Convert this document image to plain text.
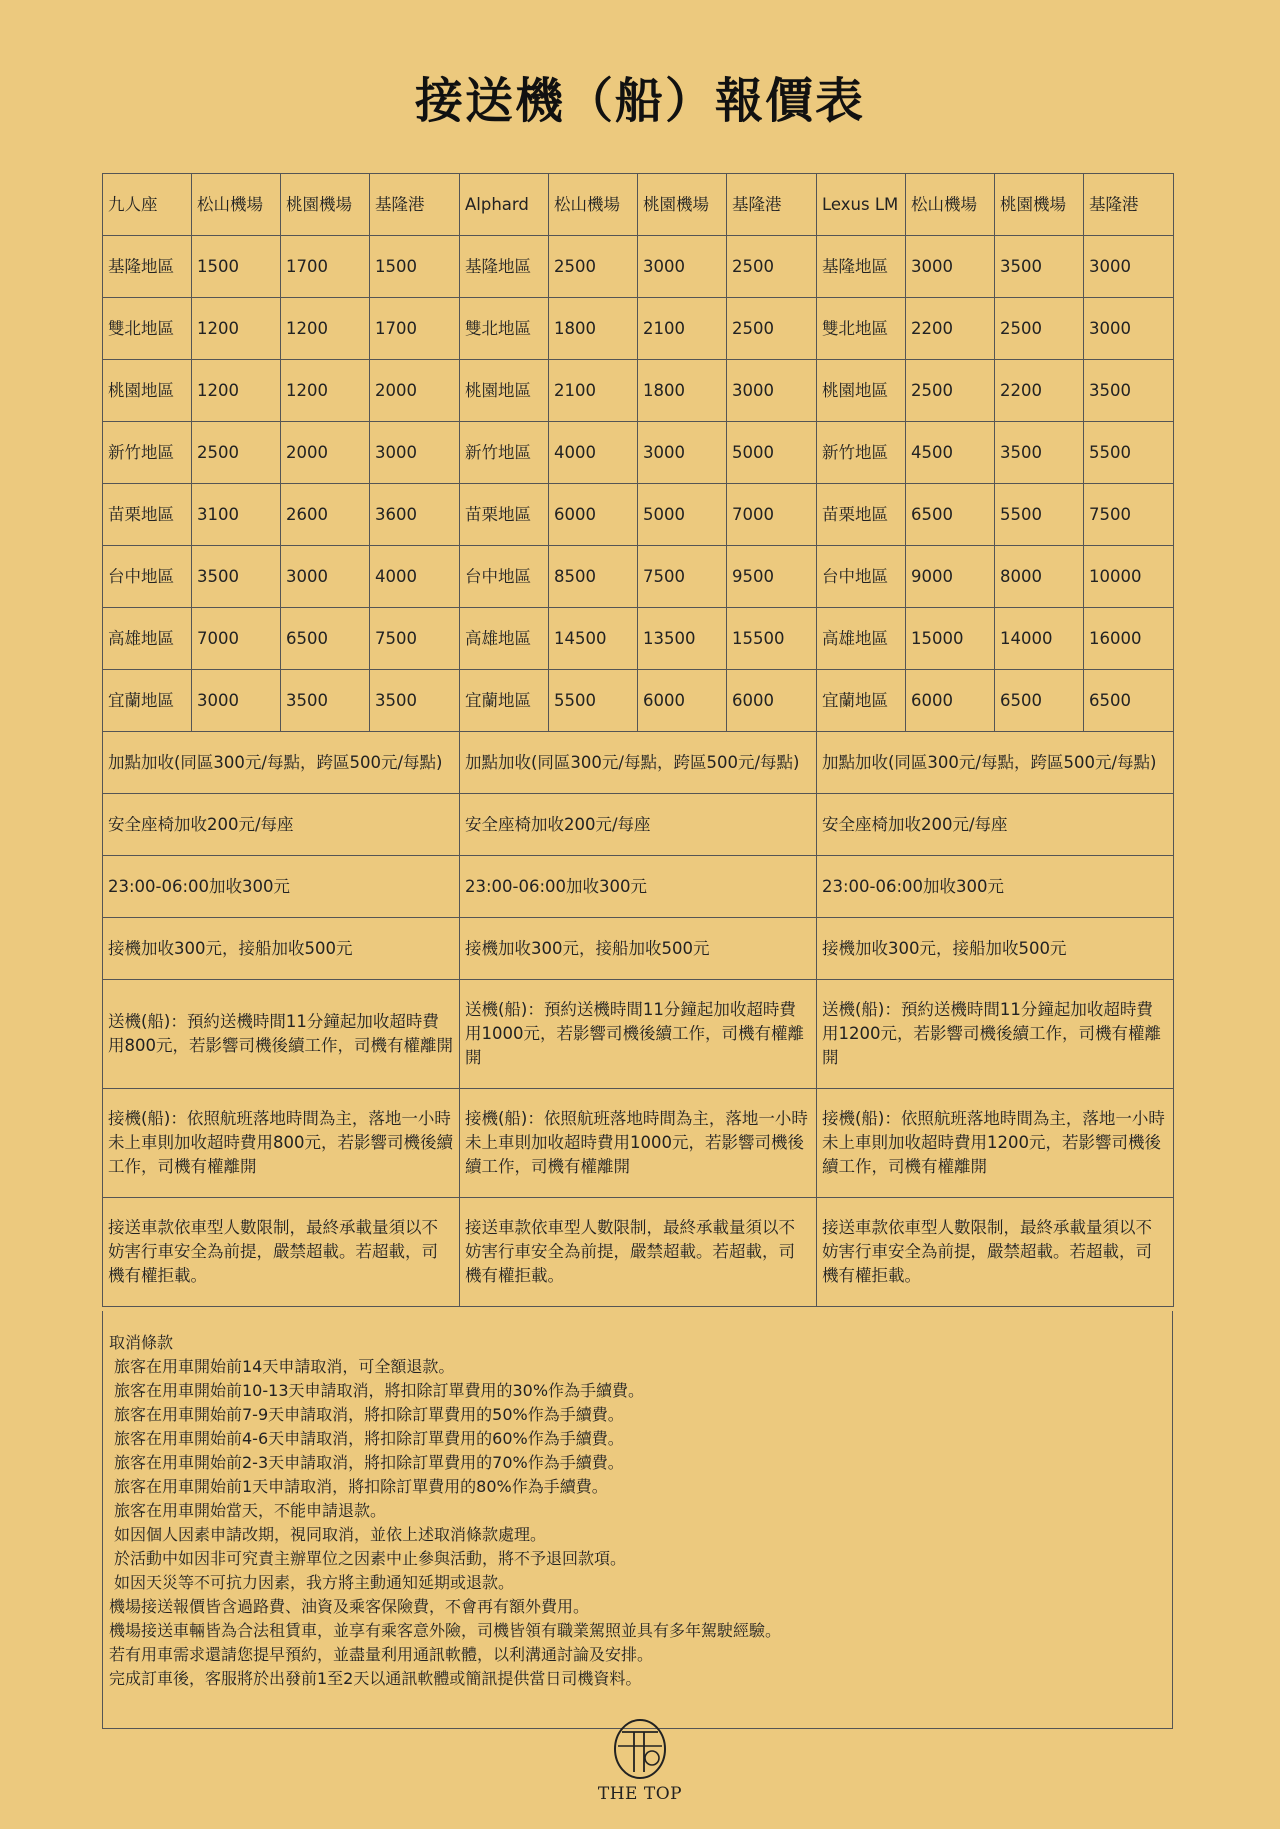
接送機（船）報價表
九人座	松山機場	桃園機場	基隆港	Alphard	松山機場	桃園機場	基隆港	Lexus LM	松山機場	桃園機場	基隆港
基隆地區	1500	1700	1500	基隆地區	2500	3000	2500	基隆地區	3000	3500	3000
雙北地區	1200	1200	1700	雙北地區	1800	2100	2500	雙北地區	2200	2500	3000
桃園地區	1200	1200	2000	桃園地區	2100	1800	3000	桃園地區	2500	2200	3500
新竹地區	2500	2000	3000	新竹地區	4000	3000	5000	新竹地區	4500	3500	5500
苗栗地區	3100	2600	3600	苗栗地區	6000	5000	7000	苗栗地區	6500	5500	7500
台中地區	3500	3000	4000	台中地區	8500	7500	9500	台中地區	9000	8000	10000
高雄地區	7000	6500	7500	高雄地區	14500	13500	15500	高雄地區	15000	14000	16000
宜蘭地區	3000	3500	3500	宜蘭地區	5500	6000	6000	宜蘭地區	6000	6500	6500
加點加收(同區300元/每點，跨區500元/每點)				加點加收(同區300元/每點，跨區500元/每點)				加點加收(同區300元/每點，跨區500元/每點)			
安全座椅加收200元/每座				安全座椅加收200元/每座				安全座椅加收200元/每座			
23:00-06:00加收300元				23:00-06:00加收300元				23:00-06:00加收300元			
接機加收300元，接船加收500元				接機加收300元，接船加收500元				接機加收300元，接船加收500元			
送機(船)：預約送機時間11分鐘起加收超時費用800元，若影響司機後續工作，司機有權離開				送機(船)：預約送機時間11分鐘起加收超時費用1000元，若影響司機後續工作，司機有權離開				送機(船)：預約送機時間11分鐘起加收超時費用1200元，若影響司機後續工作，司機有權離開			
接機(船)：依照航班落地時間為主，落地一小時未上車則加收超時費用800元，若影響司機後續工作，司機有權離開				接機(船)：依照航班落地時間為主，落地一小時未上車則加收超時費用1000元，若影響司機後續工作，司機有權離開				接機(船)：依照航班落地時間為主，落地一小時未上車則加收超時費用1200元，若影響司機後續工作，司機有權離開			
接送車款依車型人數限制，最終承載量須以不妨害行車安全為前提，嚴禁超載。若超載，司機有權拒載。				接送車款依車型人數限制，最終承載量須以不妨害行車安全為前提，嚴禁超載。若超載，司機有權拒載。				接送車款依車型人數限制，最終承載量須以不妨害行車安全為前提，嚴禁超載。若超載，司機有權拒載。			
取消條款
旅客在用車開始前14天申請取消，可全額退款。
旅客在用車開始前10-13天申請取消，將扣除訂單費用的30%作為手續費。
旅客在用車開始前7-9天申請取消，將扣除訂單費用的50%作為手續費。
旅客在用車開始前4-6天申請取消，將扣除訂單費用的60%作為手續費。
旅客在用車開始前2-3天申請取消，將扣除訂單費用的70%作為手續費。
旅客在用車開始前1天申請取消，將扣除訂單費用的80%作為手續費。
旅客在用車開始當天，不能申請退款。
如因個人因素申請改期，視同取消，並依上述取消條款處理。
於活動中如因非可究責主辦單位之因素中止參與活動，將不予退回款項。
如因天災等不可抗力因素，我方將主動通知延期或退款。
機場接送報價皆含過路費、油資及乘客保險費，不會再有額外費用。
機場接送車輛皆為合法租賃車，並享有乘客意外險，司機皆領有職業駕照並具有多年駕駛經驗。
若有用車需求還請您提早預約，並盡量利用通訊軟體，以利溝通討論及安排。
完成訂車後，客服將於出發前1至2天以通訊軟體或簡訊提供當日司機資料。
THE TOP
